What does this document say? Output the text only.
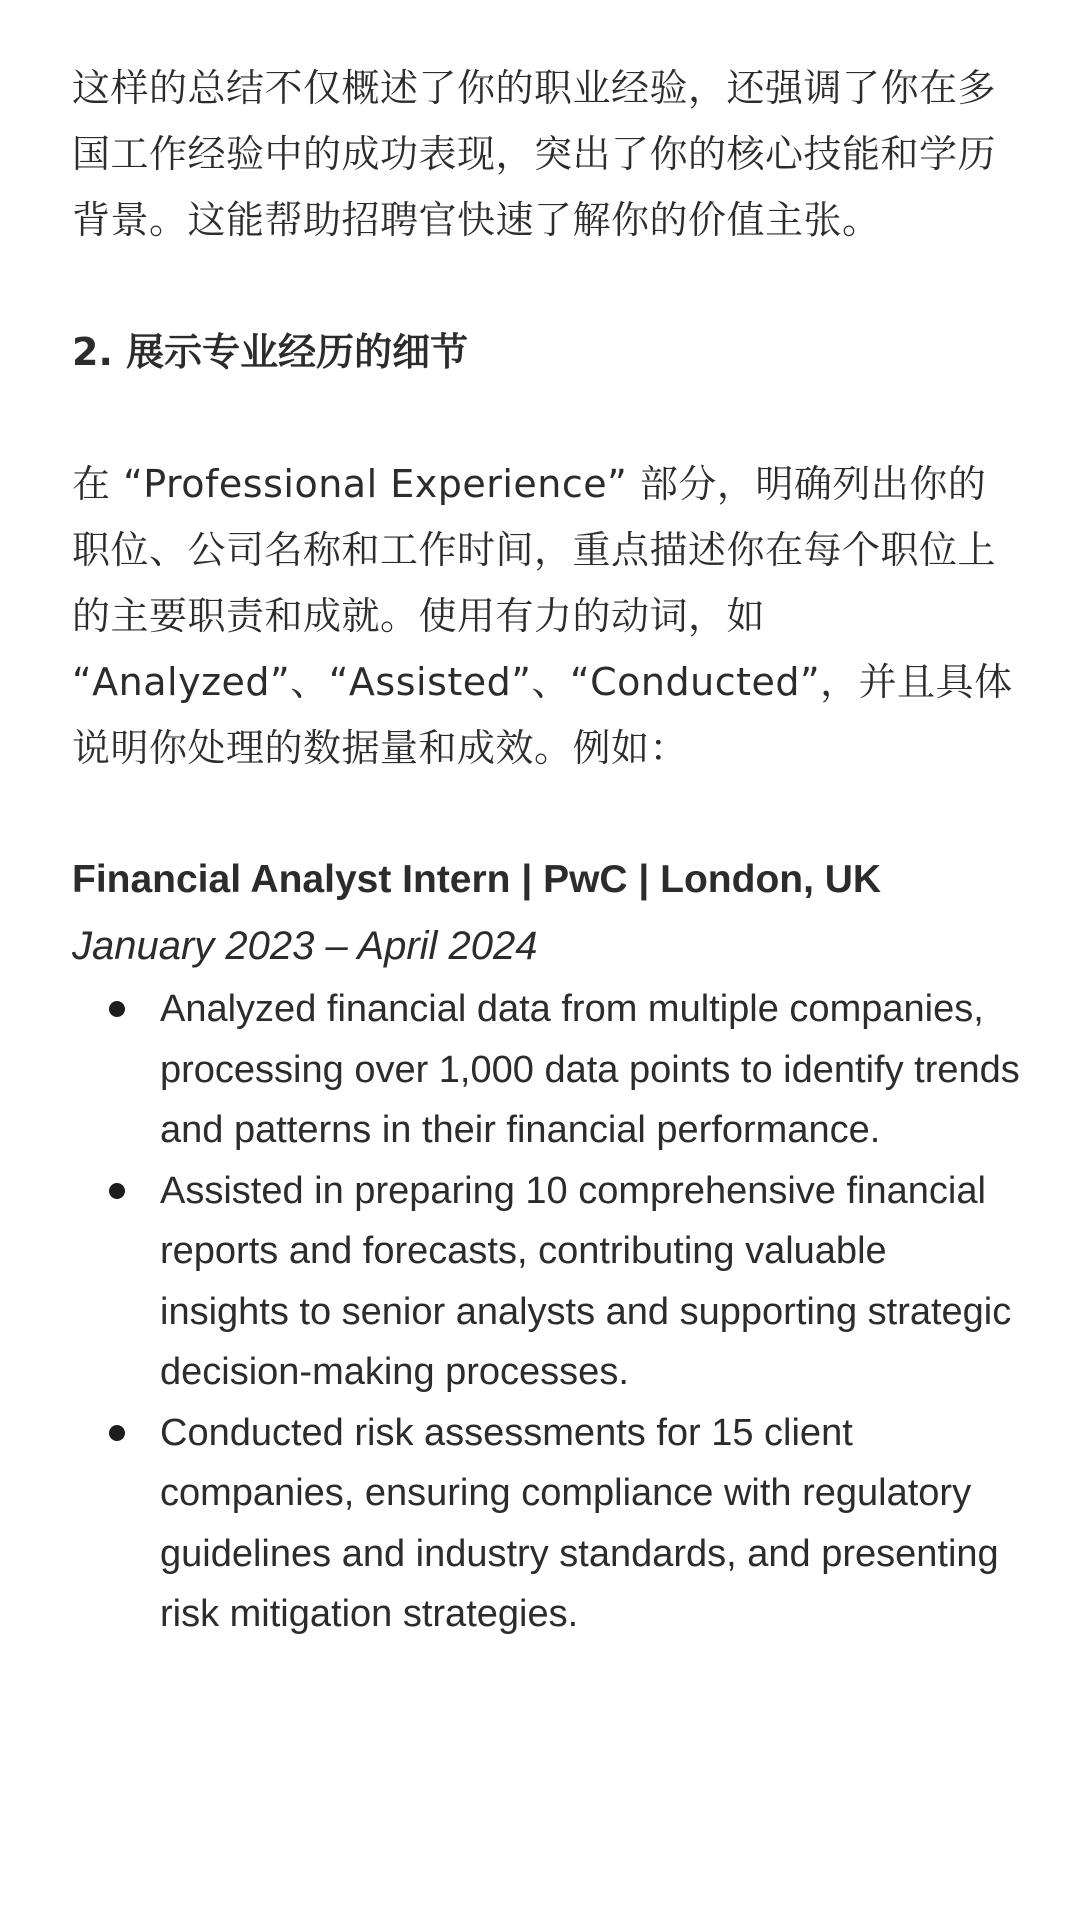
这样的总结不仅概述了你的职业经验，还强调了你在多国工作经验中的成功表现，突出了你的核心技能和学历背景。这能帮助招聘官快速了解你的价值主张。

2. 展示专业经历的细节

在 “Professional Experience” 部分，明确列出你的职位、公司名称和工作时间，重点描述你在每个职位上的主要职责和成就。使用有力的动词，如 “Analyzed”、“Assisted”、“Conducted”，并且具体说明你处理的数据量和成效。例如：

Financial Analyst Intern | PwC | London, UK

January 2023 – April 2024

Analyzed financial data from multiple companies, processing over 1,000 data points to identify trends and patterns in their financial performance.
Assisted in preparing 10 comprehensive financial reports and forecasts, contributing valuable insights to senior analysts and supporting strategic decision-making processes.
Conducted risk assessments for 15 client companies, ensuring compliance with regulatory guidelines and industry standards, and presenting risk mitigation strategies.
